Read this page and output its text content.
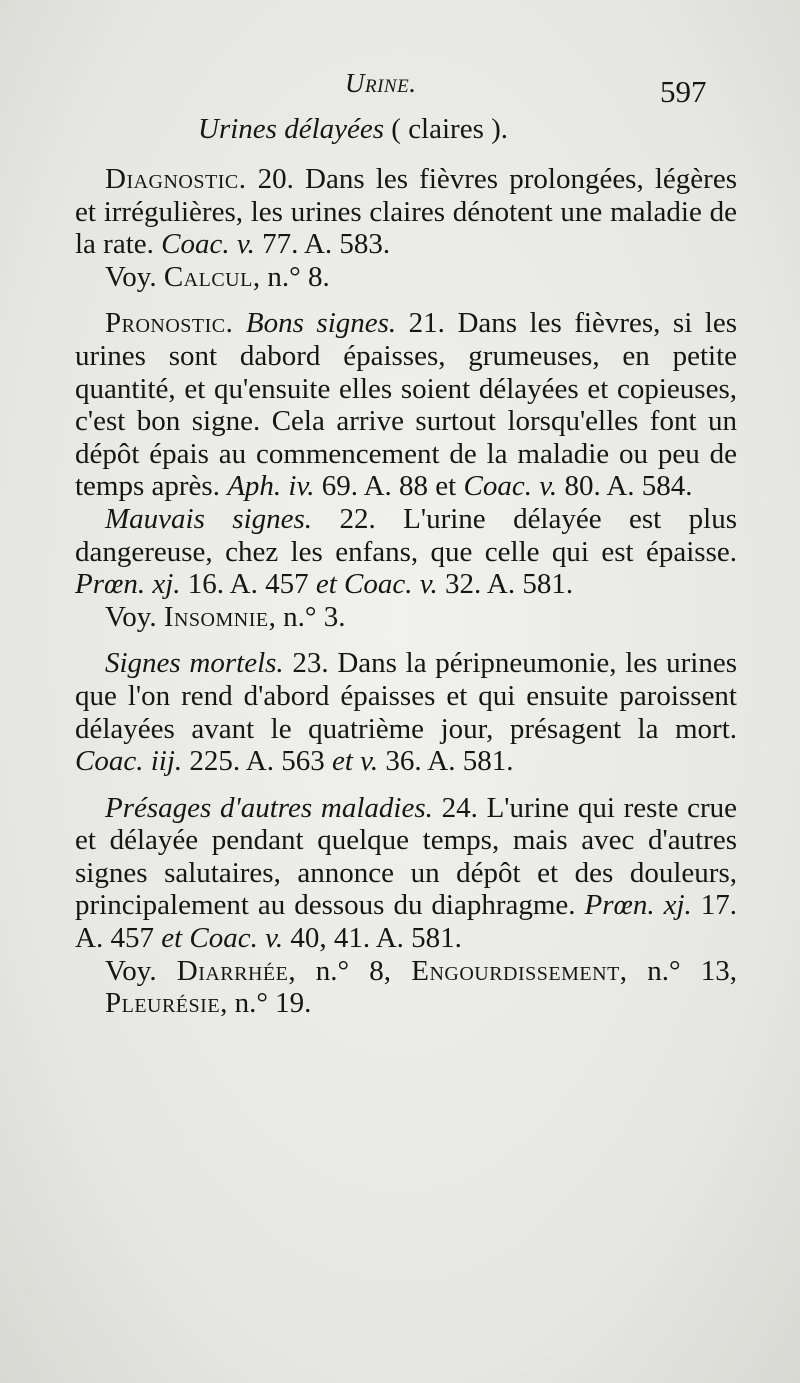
Urine.	597
Urines délayées ( claires ).

Diagnostic. 20. Dans les fièvres prolongées, légères et irrégulières, les urines claires dénotent une maladie de la rate. Coac. v. 77. A. 583.

Voy. Calcul, n.° 8.

Pronostic. Bons signes. 21. Dans les fièvres, si les urines sont dabord épaisses, grumeuses, en petite quantité, et qu'ensuite elles soient délayées et copieuses, c'est bon signe. Cela arrive surtout lorsqu'elles font un dépôt épais au commencement de la maladie ou peu de temps après. Aph. iv. 69. A. 88 et Coac. v. 80. A. 584.

Mauvais signes. 22. L'urine délayée est plus dangereuse, chez les enfans, que celle qui est épaisse. Prœn. xj. 16. A. 457 et Coac. v. 32. A. 581.

Voy. Insomnie, n.° 3.

Signes mortels. 23. Dans la péripneumonie, les urines que l'on rend d'abord épaisses et qui ensuite paroissent délayées avant le quatrième jour, présagent la mort. Coac. iij. 225. A. 563 et v. 36. A. 581.

Présages d'autres maladies. 24. L'urine qui reste crue et délayée pendant quelque temps, mais avec d'autres signes salutaires, annonce un dépôt et des douleurs, principalement au dessous du diaphragme. Prœn. xj. 17. A. 457 et Coac. v. 40, 41. A. 581.

Voy. Diarrhée, n.° 8, Engourdissement, n.° 13, Pleurésie, n.° 19.
